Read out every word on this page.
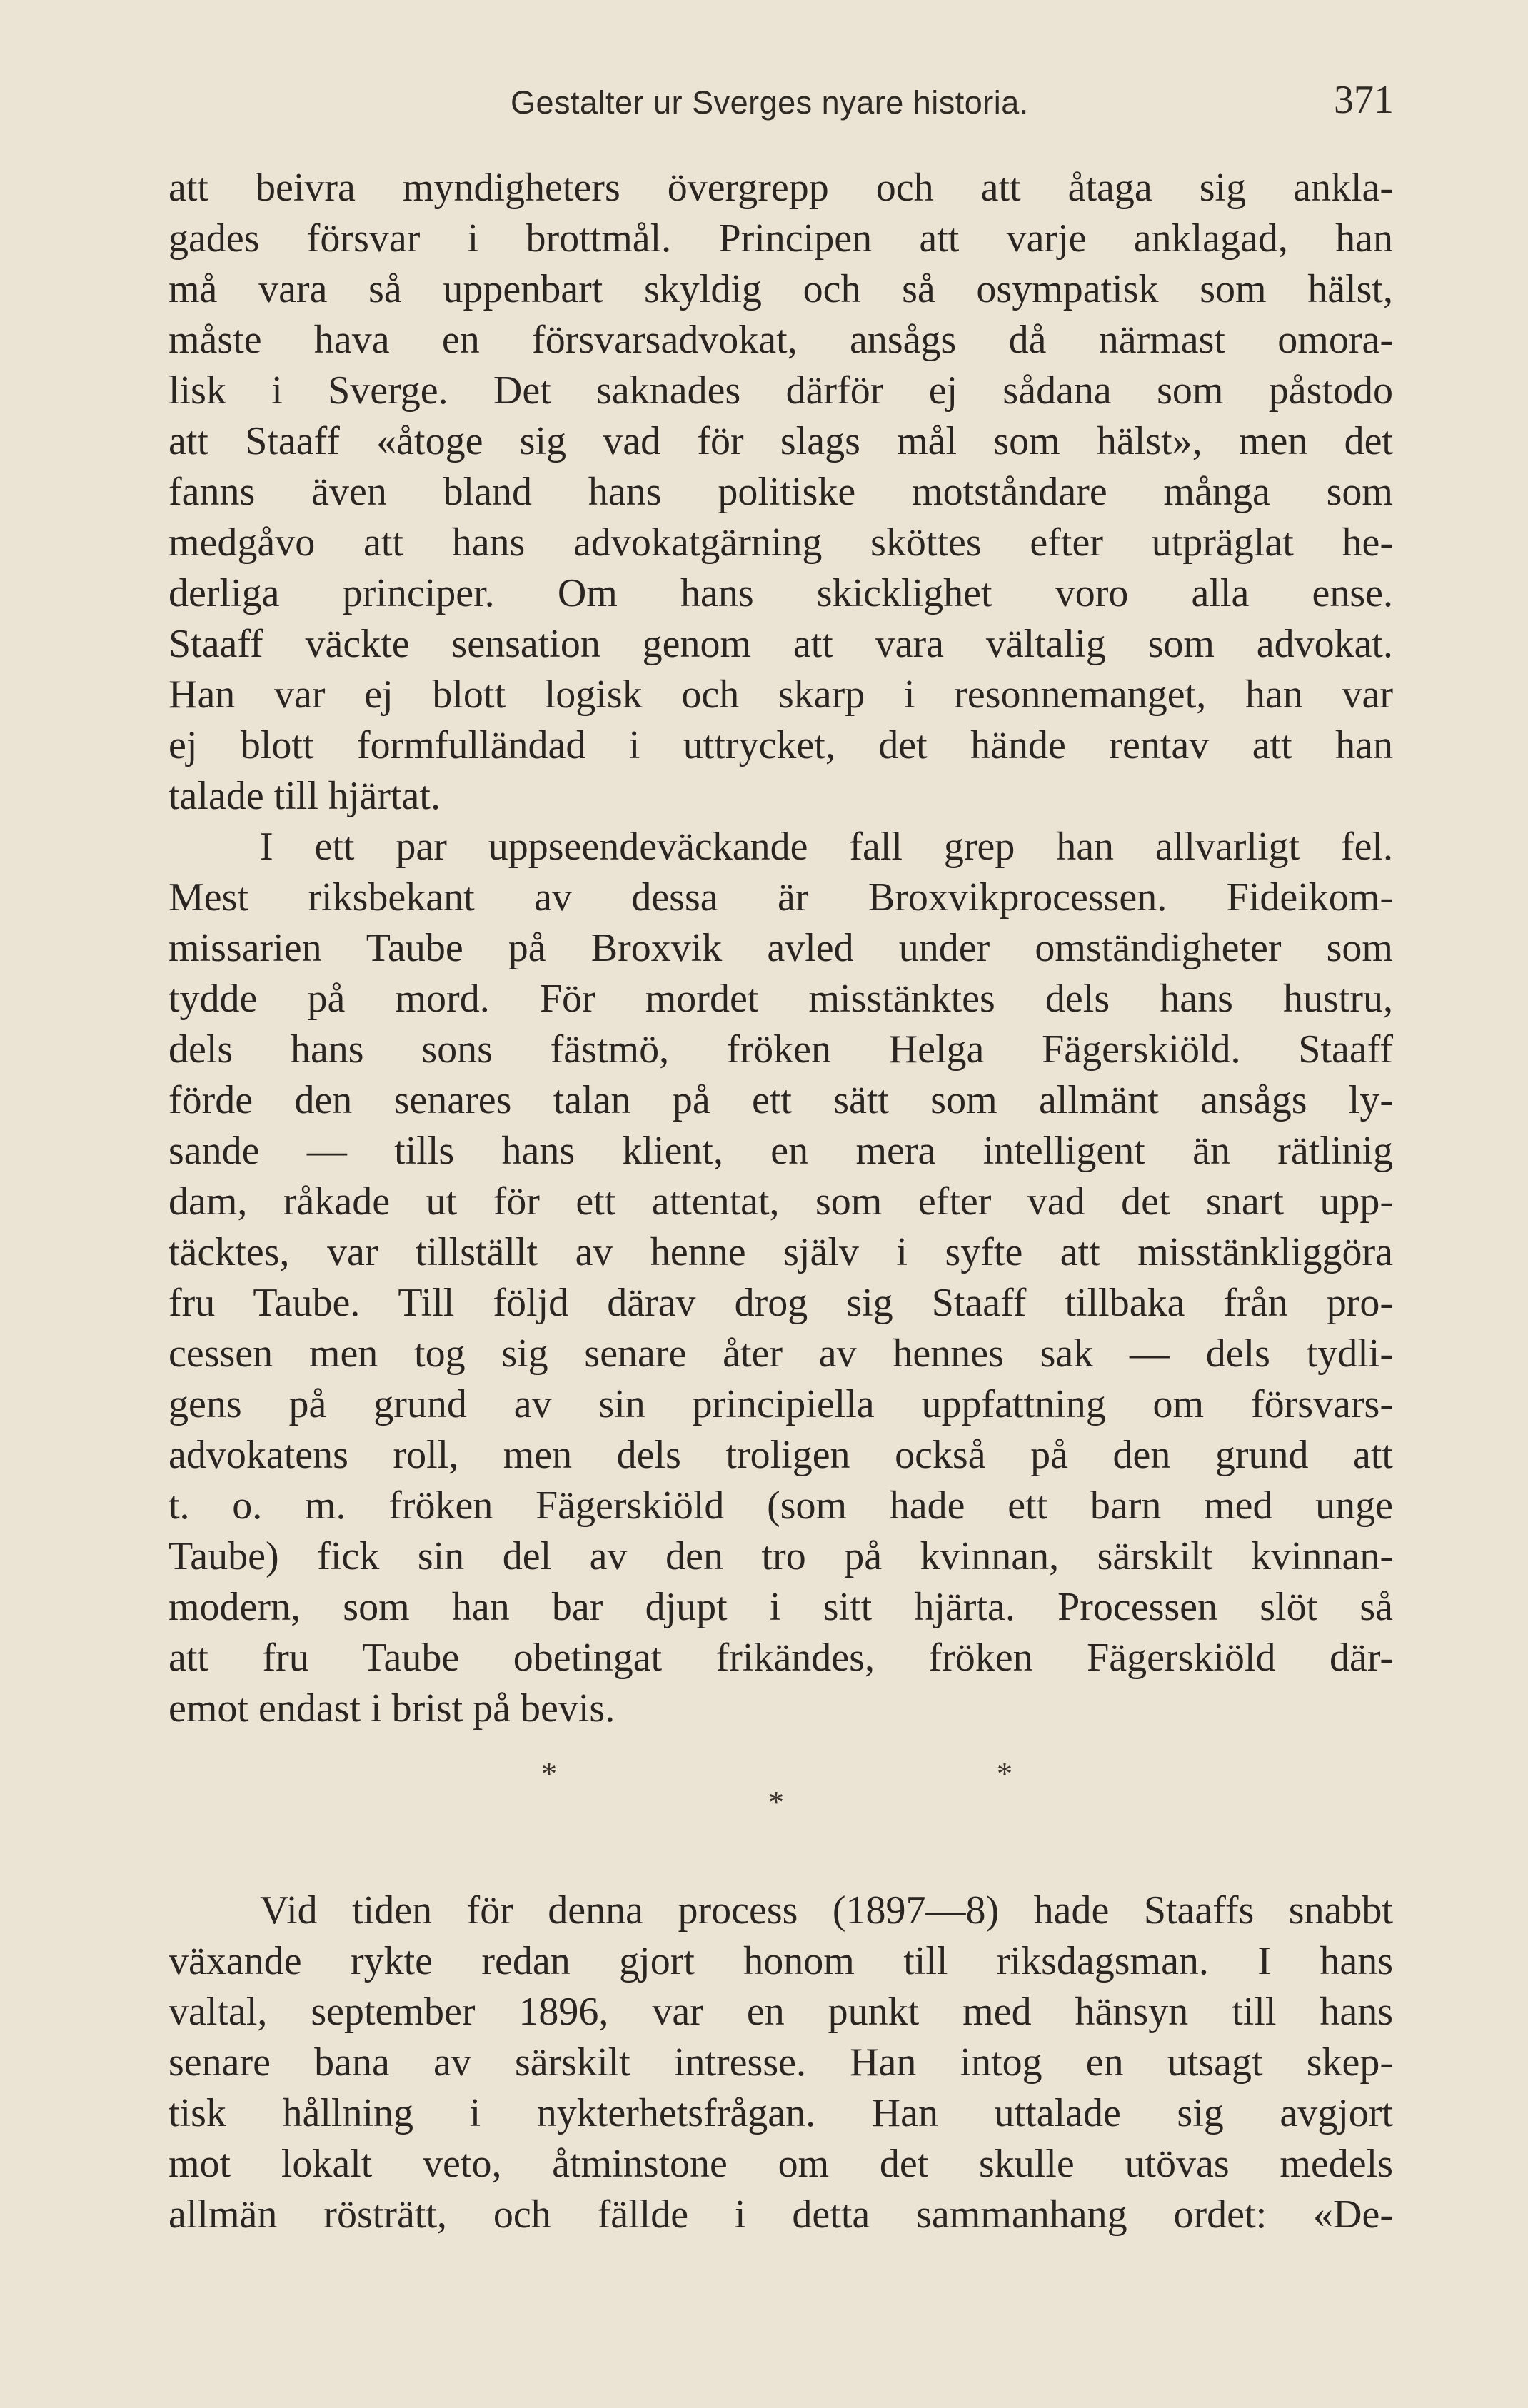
Gestalter ur Sverges nyare historia.	371
att beivra myndigheters övergrepp och att åtaga sig ankla-
gades försvar i brottmål. Principen att varje anklagad, han
må vara så uppenbart skyldig och så osympatisk som hälst,
måste hava en försvarsadvokat, ansågs då närmast omora-
lisk i Sverge. Det saknades därför ej sådana som påstodo
att Staaff «åtoge sig vad för slags mål som hälst», men det
fanns även bland hans politiske motståndare många som
medgåvo att hans advokatgärning sköttes efter utpräglat he-
derliga principer. Om hans skicklighet voro alla ense.
Staaff väckte sensation genom att vara vältalig som advokat.
Han var ej blott logisk och skarp i resonnemanget, han var
ej blott formfulländad i uttrycket, det hände rentav att han
talade till hjärtat.
I ett par uppseendeväckande fall grep han allvarligt fel.
Mest riksbekant av dessa är Broxvikprocessen. Fideikom-
missarien Taube på Broxvik avled under omständigheter som
tydde på mord. För mordet misstänktes dels hans hustru,
dels hans sons fästmö, fröken Helga Fägerskiöld. Staaff
förde den senares talan på ett sätt som allmänt ansågs ly-
sande — tills hans klient, en mera intelligent än rätlinig
dam, råkade ut för ett attentat, som efter vad det snart upp-
täcktes, var tillställt av henne själv i syfte att misstänkliggöra
fru Taube. Till följd därav drog sig Staaff tillbaka från pro-
cessen men tog sig senare åter av hennes sak — dels tydli-
gens på grund av sin principiella uppfattning om försvars-
advokatens roll, men dels troligen också på den grund att
t. o. m. fröken Fägerskiöld (som hade ett barn med unge
Taube) fick sin del av den tro på kvinnan, särskilt kvinnan-
modern, som han bar djupt i sitt hjärta. Processen slöt så
att fru Taube obetingat frikändes, fröken Fägerskiöld där-
emot endast i brist på bevis.
*	*
*
Vid tiden för denna process (1897—8) hade Staaffs snabbt
växande rykte redan gjort honom till riksdagsman. I hans
valtal, september 1896, var en punkt med hänsyn till hans
senare bana av särskilt intresse. Han intog en utsagt skep-
tisk hållning i nykterhetsfrågan. Han uttalade sig avgjort
mot lokalt veto, åtminstone om det skulle utövas medels
allmän rösträtt, och fällde i detta sammanhang ordet: «De-
